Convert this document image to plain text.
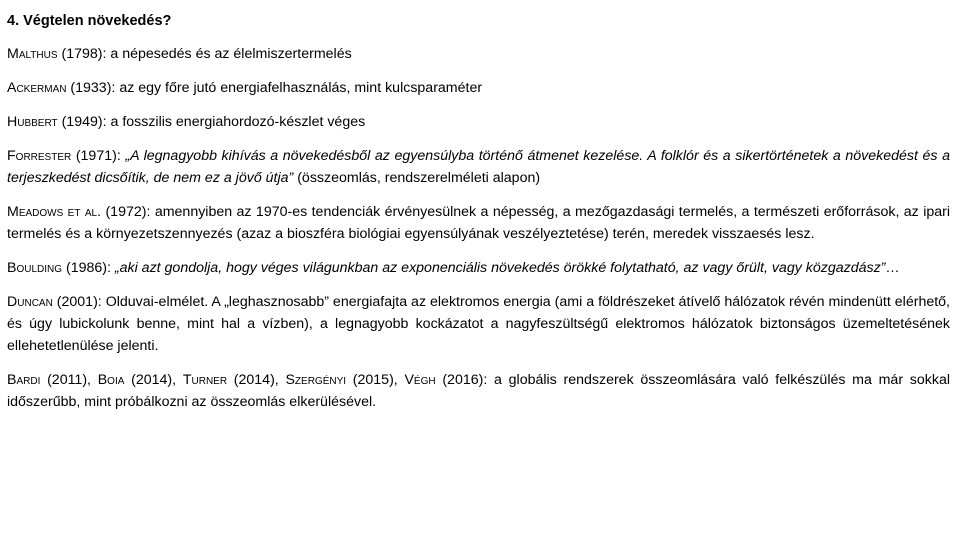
4. Végtelen növekedés?

Malthus (1798): a népesedés és az élelmiszertermelés

Ackerman (1933): az egy főre jutó energiafelhasználás, mint kulcsparaméter

Hubbert (1949): a fosszilis energiahordozó-készlet véges

Forrester (1971): „A legnagyobb kihívás a növekedésből az egyensúlyba történő átmenet kezelése. A folklór és a sikertörténetek a növekedést és a terjeszkedést dicsőítik, de nem ez a jövő útja” (összeomlás, rendszerelméleti alapon)

Meadows et al. (1972): amennyiben az 1970-es tendenciák érvényesülnek a népesség, a mezőgazdasági termelés, a természeti erőforrások, az ipari termelés és a környezetszennyezés (azaz a bioszféra biológiai egyensúlyának veszélyeztetése) terén, meredek visszaesés lesz.

Boulding (1986): „aki azt gondolja, hogy véges világunkban az exponenciális növekedés örökké folytatható, az vagy őrült, vagy közgazdász”…

Duncan (2001): Olduvai-elmélet. A „leghasznosabb” energiafajta az elektromos energia (ami a földrészeket átívelő hálózatok révén mindenütt elérhető, és úgy lubickolunk benne, mint hal a vízben), a legnagyobb kockázatot a nagyfeszültségű elektromos hálózatok biztonságos üzemeltetésének ellehetetlenülése jelenti.

Bardi (2011), Boia (2014), Turner (2014), Szergényi (2015), Végh (2016): a globális rendszerek összeomlására való felkészülés ma már sokkal időszerűbb, mint próbálkozni az összeomlás elkerülésével.
